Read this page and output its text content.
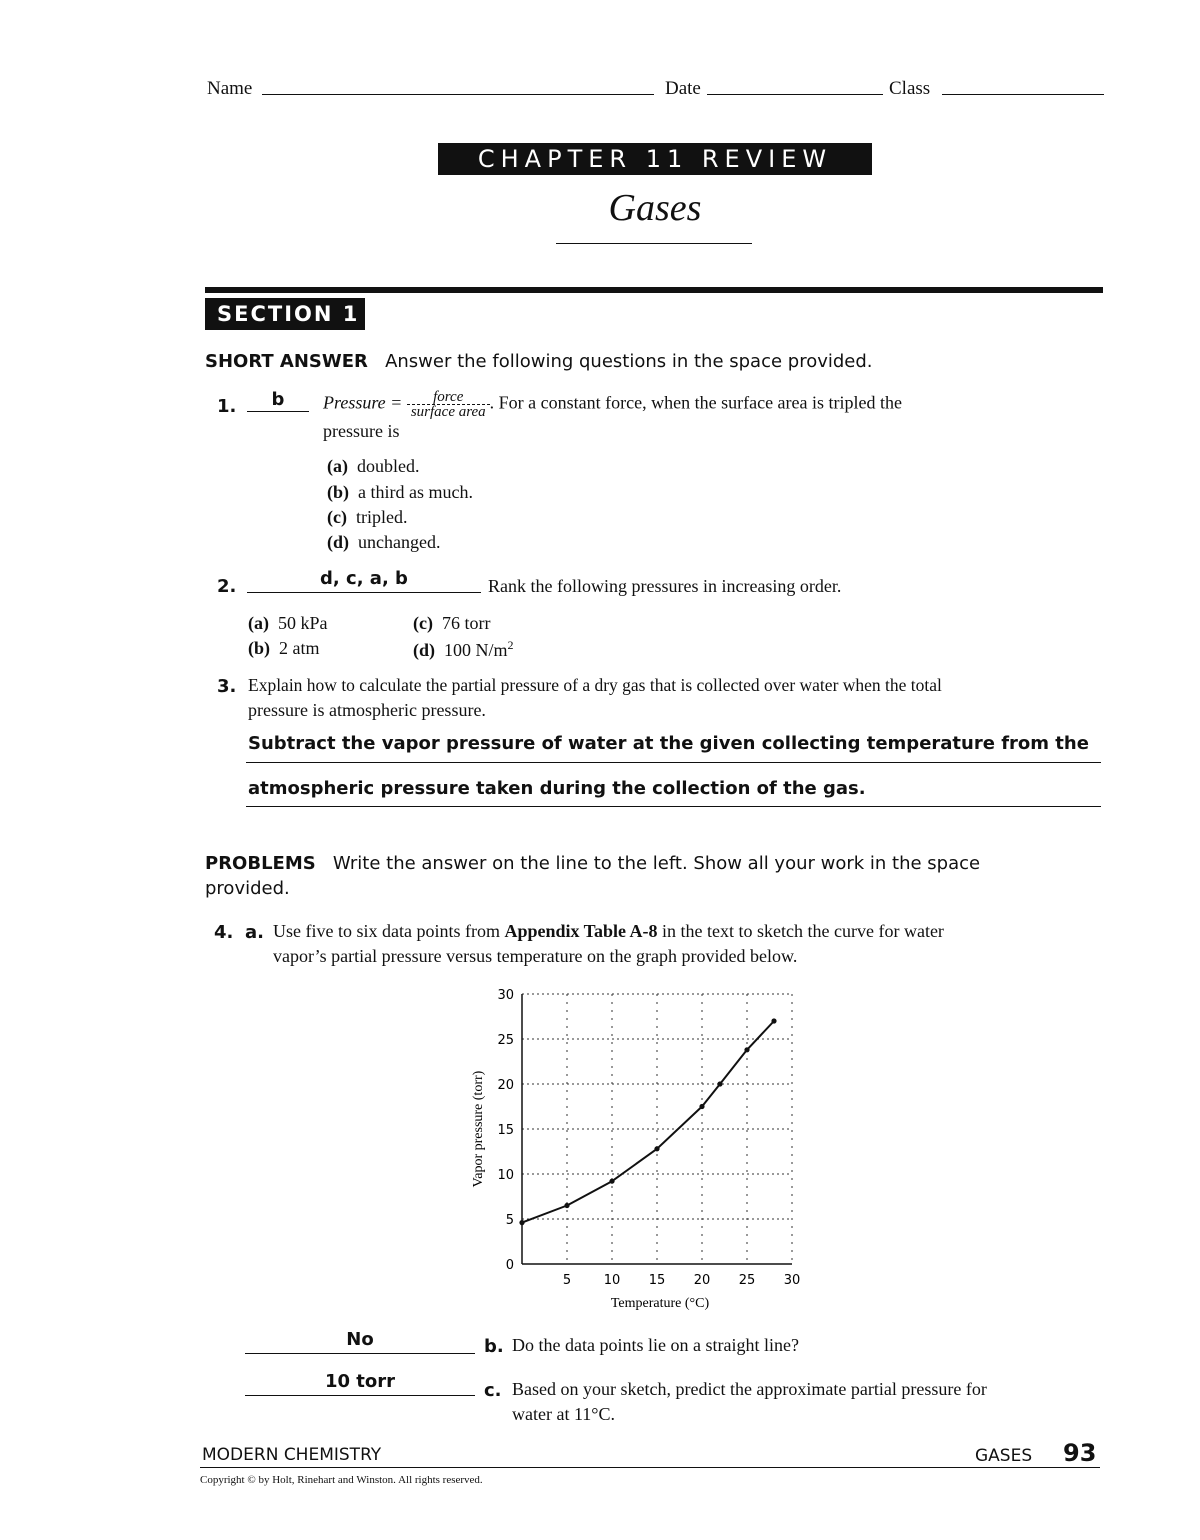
Name	Date	Class
CHAPTER 11 REVIEW
Gases
SECTION 1
SHORT ANSWER Answer the following questions in the space provided.
1.	b	Pressure = $\frac{\text{force}}{\text{surface area}}$ . For a constant force, when the surface area is tripled the
pressure is
(a) doubled.
(b) a third as much.
(c) tripled.
(d) unchanged.
2.	d, c, a, b	Rank the following pressures in increasing order.
(a) 50 kPa
(b) 2 atm
(c) 76 torr
(d) 100 $N/m^2$
3. Explain how to calculate the partial pressure of a dry gas that is collected over water when the total
pressure is atmospheric pressure.
Subtract the vapor pressure of water at the given collecting temperature from the
atmospheric pressure taken during the collection of the gas.
PROBLEMS Write the answer on the line to the left. Show all your work in the space
provided.
4. a. Use five to six data points from Appendix Table A-8 in the text to sketch the curve for water
vapor’s partial pressure versus temperature on the graph provided below.
5	10 15 20 25 30
0
5
10
15
20
25
30
Temperature (°C)
Vapor pressure (torr)
No	b. Do the data points lie on a straight line?
10 torr	c. Based on your sketch, predict the approximate partial pressure for
water at 11°C.
MODERN CHEMISTRY	GASES 93
Copyright © by Holt, Rinehart and Winston. All rights reserved.
